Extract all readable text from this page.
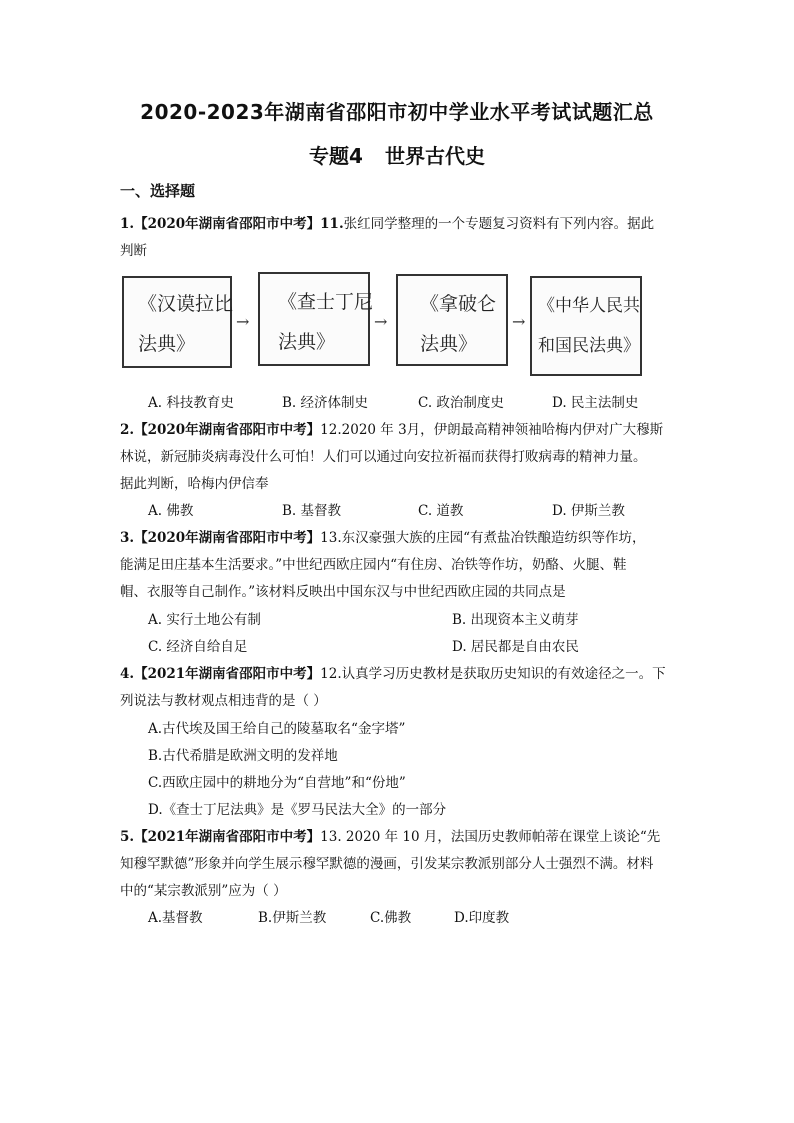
2020-2023年湖南省邵阳市初中学业水平考试试题汇总
专题4 世界古代史
一、选择题
1.【2020年湖南省邵阳市中考】11.张红同学整理的一个专题复习资料有下列内容。据此
判断
《汉谟拉比
法典》
→
《查士丁尼
法典》
→
《拿破仑
法典》
→
《中华人民共
和国民法典》
A. 科技教育史	B. 经济体制史	C. 政治制度史	D. 民主法制史
2.【2020年湖南省邵阳市中考】12.2020 年 3月，伊朗最高精神领袖哈梅内伊对广大穆斯
林说，新冠肺炎病毒没什么可怕！人们可以通过向安拉祈福而获得打败病毒的精神力量。
据此判断，哈梅内伊信奉
A. 佛教	B. 基督教	C. 道教	D. 伊斯兰教
3.【2020年湖南省邵阳市中考】13.东汉豪强大族的庄园“有煮盐冶铁酿造纺织等作坊，
能满足田庄基本生活要求。”中世纪西欧庄园内“有住房、冶铁等作坊，奶酪、火腿、鞋
帽、衣服等自己制作。”该材料反映出中国东汉与中世纪西欧庄园的共同点是
A. 实行土地公有制	B. 出现资本主义萌芽
C. 经济自给自足	D. 居民都是自由农民
4.【2021年湖南省邵阳市中考】12.认真学习历史教材是获取历史知识的有效途径之一。下
列说法与教材观点相违背的是（ ）
A.古代埃及国王给自己的陵墓取名“金字塔”
B.古代希腊是欧洲文明的发祥地
C.西欧庄园中的耕地分为“自营地”和“份地”
D.《查士丁尼法典》是《罗马民法大全》的一部分
5.【2021年湖南省邵阳市中考】13. 2020 年 10 月，法国历史教师帕蒂在课堂上谈论“先
知穆罕默德”形象并向学生展示穆罕默德的漫画，引发某宗教派别部分人士强烈不满。材料
中的“某宗教派别”应为（ ）
A.基督教	B.伊斯兰教	C.佛教	D.印度教
